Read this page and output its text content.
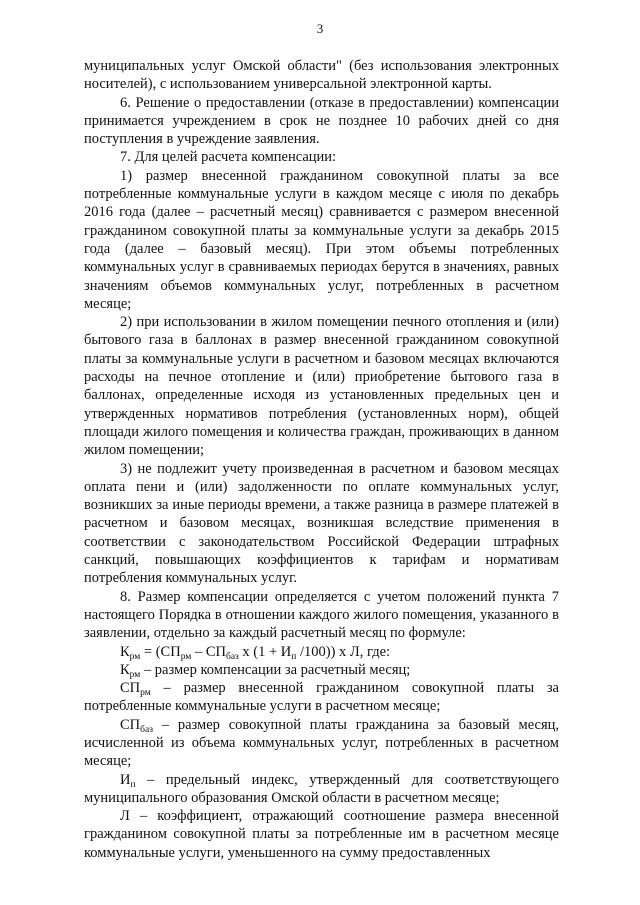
3

муниципальных услуг Омской области" (без использования электронных носителей), с использованием универсальной электронной карты.

6. Решение о предоставлении (отказе в предоставлении) компенсации принимается учреждением в срок не позднее 10 рабочих дней со дня поступления в учреждение заявления.

7. Для целей расчета компенсации:

1) размер внесенной гражданином совокупной платы за все потребленные коммунальные услуги в каждом месяце с июля по декабрь 2016 года (далее – расчетный месяц) сравнивается с размером внесенной гражданином совокупной платы за коммунальные услуги за декабрь 2015 года (далее – базовый месяц). При этом объемы потребленных коммунальных услуг в сравниваемых периодах берутся в значениях, равных значениям объемов коммунальных услуг, потребленных в расчетном месяце;

2) при использовании в жилом помещении печного отопления и (или) бытового газа в баллонах в размер внесенной гражданином совокупной платы за коммунальные услуги в расчетном и базовом месяцах включаются расходы на печное отопление и (или) приобретение бытового газа в баллонах, определенные исходя из установленных предельных цен и утвержденных нормативов потребления (установленных норм), общей площади жилого помещения и количества граждан, проживающих в данном жилом помещении;

3) не подлежит учету произведенная в расчетном и базовом месяцах оплата пени и (или) задолженности по оплате коммунальных услуг, возникших за иные периоды времени, а также разница в размере платежей в расчетном и базовом месяцах, возникшая вследствие применения в соответствии с законодательством Российской Федерации штрафных санкций, повышающих коэффициентов к тарифам и нормативам потребления коммунальных услуг.

8. Размер компенсации определяется с учетом положений пункта 7 настоящего Порядка в отношении каждого жилого помещения, указанного в заявлении, отдельно за каждый расчетный месяц по формуле:

$К_{рм} = (СП_{рм} - СП_{баз}$ х ($1 + И_п$ /100)) х Л, где:

$К_{рм}$ – размер компенсации за расчетный месяц;

$СП_{рм}$ – размер внесенной гражданином совокупной платы за потребленные коммунальные услуги в расчетном месяце;

$СП_{баз}$ – размер совокупной платы гражданина за базовый месяц, исчисленной из объема коммунальных услуг, потребленных в расчетном месяце;

$И_п$ – предельный индекс, утвержденный для соответствующего муниципального образования Омской области в расчетном месяце;

Л – коэффициент, отражающий соотношение размера внесенной гражданином совокупной платы за потребленные им в расчетном месяце коммунальные услуги, уменьшенного на сумму предоставленных
